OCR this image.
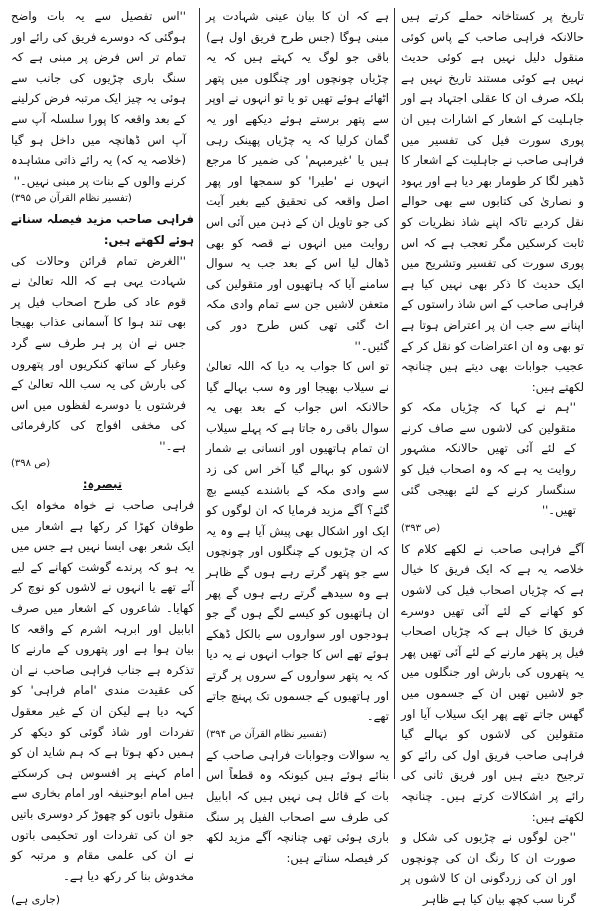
تاریخ پر کستاخانہ حملے کرتے ہیں حالانکہ فراہی صاحب کے پاس کوئی منقول دلیل نہیں ہے کوئی حدیث نہیں ہے کوئی مستند تاریخ نہیں ہے بلکہ صرف ان کا عقلی اجتہاد ہے اور جاہلیت کے اشعار کے اشارات ہیں ان پوری سورت فیل کی تفسیر میں فراہی صاحب نے جاہلیت کے اشعار کا ڈھیر لگا کر طومار بھر دیا ہے اور یہود و نصاریٰ کی کتابوں سے بھی حوالے نقل کردیے تاکہ اپنے شاذ نظریات کو ثابت کرسکیں مگر تعجب ہے کہ اس پوری سورت کی تفسیر وتشریح میں ایک حدیث کا ذکر بھی نہیں کیا ہے فراہی صاحب کے اس شاذ راستوں کے اپنانے سے جب ان پر اعتراض ہوتا ہے تو بھی وہ ان اعتراضات کو نقل کر کے عجیب جوابات بھی دیتے ہیں چنانچہ لکھتے ہیں:

''ہم نے کہا کہ چڑیاں مکہ کو متقولین کی لاشوں سے صاف کرنے کے لئے آئی تھیں حالانکہ مشہور روایت یہ ہے کہ وہ اصحاب فیل کو سنگسار کرنے کے لئے بھیجی گئی تھیں۔''

(ص ۳۹۳)

آگے فراہی صاحب نے لکھے کلام کا خلاصہ یہ ہے کہ ایک فریق کا خیال ہے کہ چڑیاں اصحاب فیل کی لاشوں کو کھانے کے لئے آئی تھیں دوسرے فریق کا خیال ہے کہ چڑیاں اصحاب فیل پر پتھر مارنے کے لئے آئی تھیں پھر یہ پتھروں کی بارش اور جنگلوں میں جو لاشیں تھیں ان کے جسموں میں گھس جاتے تھے پھر ایک سیلاب آیا اور متقولین کی لاشوں کو بہالے گیا فراہی صاحب فریق اول کی رائے کو ترجیح دیتے ہیں اور فریق ثانی کی رائے پر اشکالات کرتے ہیں۔ چنانچہ لکھتے ہیں:

''جن لوگوں نے چڑیوں کی شکل و صورت ان کا رنگ ان کی چونچوں اور ان کی زردگونی ان کا لاشوں پر گرنا سب کچھ بیان کیا ہے ظاہر

ہے کہ ان کا بیان عینی شہادت پر مبنی ہوگا (جس طرح فریق اول ہے) باقی جو لوگ یہ کہتے ہیں کہ یہ چڑیاں چونچوں اور چنگلوں میں پتھر اٹھائے ہوئے تھیں تو یا تو انہوں نے اوپر سے پتھر برستے ہوئے دیکھے اور یہ گمان کرلیا کہ یہ چڑیاں پھینک رہی ہیں یا 'غیرمبہم' کی ضمیر کا مرجع انہوں نے 'طیرا' کو سمجھا اور پھر اصل واقعہ کی تحقیق کیے بغیر آیت کی جو تاویل ان کے ذہن میں آئی اس روایت میں انہوں نے قصہ کو بھی ڈھال لیا اس کے بعد جب یہ سوال سامنے آیا کہ ہاتھیوں اور متقولین کی متعفن لاشیں جن سے تمام وادی مکہ اٹ گئی تھی کس طرح دور کی گئیں۔''

تو اس کا جواب یہ دیا کہ اللہ تعالیٰ نے سیلاب بھیجا اور وہ سب بہالے گیا حالانکہ اس جواب کے بعد بھی یہ سوال باقی رہ جاتا ہے کہ پہلے سیلاب ان تمام ہاتھیوں اور انسانی بے شمار لاشوں کو بہالے گیا آخر اس کی زد سے وادی مکہ کے باشندے کیسے بچ گئے؟ آگے مزید فرمایا کہ ان لوگوں کو ایک اور اشکال بھی پیش آیا ہے وہ یہ کہ ان چڑیوں کے چنگلوں اور چونچوں سے جو پتھر گرتے رہے ہوں گے ظاہر ہے وہ سیدھے گرتے رہے ہوں گے پھر ان ہاتھیوں کو کیسے لگے ہوں گے جو ہودجوں اور سواروں سے بالکل ڈھکے ہوئے تھے اس کا جواب انہوں نے یہ دیا کہ یہ پتھر سواروں کے سروں پر گرتے اور ہاتھیوں کے جسموں تک پہنچ جاتے تھے۔

(تفسیر نظام القرآن ص ۳۹۴)

یہ سوالات وجوابات فراہی صاحب کے بنائے ہوئے ہیں کیونکہ وہ قطعاً اس بات کے قائل ہی نہیں ہیں کہ ابابیل کی طرف سے اصحاب الفیل پر سنگ باری ہوئی تھی چنانچہ آگے مزید لکھ کر فیصلہ سناتے ہیں:

''اس تفصیل سے یہ بات واضح ہوگئی کہ دوسرے فریق کی رائے اور تمام تر اس فرض پر مبنی ہے کہ سنگ باری چڑیوں کی جانب سے ہوئی یہ چیز ایک مرتبہ فرض کرلینے کے بعد واقعہ کا پورا سلسلہ آپ سے آپ اس ڈھانچہ میں داخل ہو گیا (خلاصہ یہ کہ) یہ رائے ذاتی مشاہدہ کرنے والوں کے بنات پر مبنی نہیں۔''

(تفسیر نظام القرآن ص ۳۹۵)

فراہی صاحب مزید فیصلہ سناتے ہوئے لکھتے ہیں:

''الغرض تمام قرائن وحالات کی شہادت یہی ہے کہ اللہ تعالیٰ نے قوم عاد کی طرح اصحاب فیل پر بھی تند ہوا کا آسمانی عذاب بھیجا جس نے ان پر ہر طرف سے گرد وغبار کے ساتھ کنکریوں اور پتھروں کی بارش کی یہ سب اللہ تعالیٰ کے فرشتوں یا دوسرے لفظوں میں اس کی مخفی افواج کی کارفرمائی ہے۔''

(ص ۳۹۸)

تبصرہ:

فراہی صاحب نے خواہ مخواہ ایک طوفان کھڑا کر رکھا ہے اشعار میں ایک شعر بھی ایسا نہیں ہے جس میں یہ ہو کہ پرندے گوشت کھانے کے لیے آئے تھے یا انہوں نے لاشوں کو نوچ کر کھایا۔ شاعروں کے اشعار میں صرف ابابیل اور ابرہہ اشرم کے واقعہ کا بیان ہوا ہے اور پتھروں کے مارنے کا تذکرہ ہے جناب فراہی صاحب نے ان کی عقیدت مندی 'امام فراہی' کو کہہ دیا ہے لیکن ان کے غیر معقول تفردات اور شاذ گوئی کو دیکھ کر ہمیں دکھ ہوتا ہے کہ ہم شاید ان کو امام کہنے پر افسوس ہی کرسکتے ہیں امام ابوحنیفہ اور امام بخاری سے منقول باتوں کو چھوڑ کر دوسری باتیں جو ان کی تفردات اور تحکیمی باتوں نے ان کی علمی مقام و مرتبہ کو مخدوش بنا کر رکھ دیا ہے۔

(جاری ہے)
